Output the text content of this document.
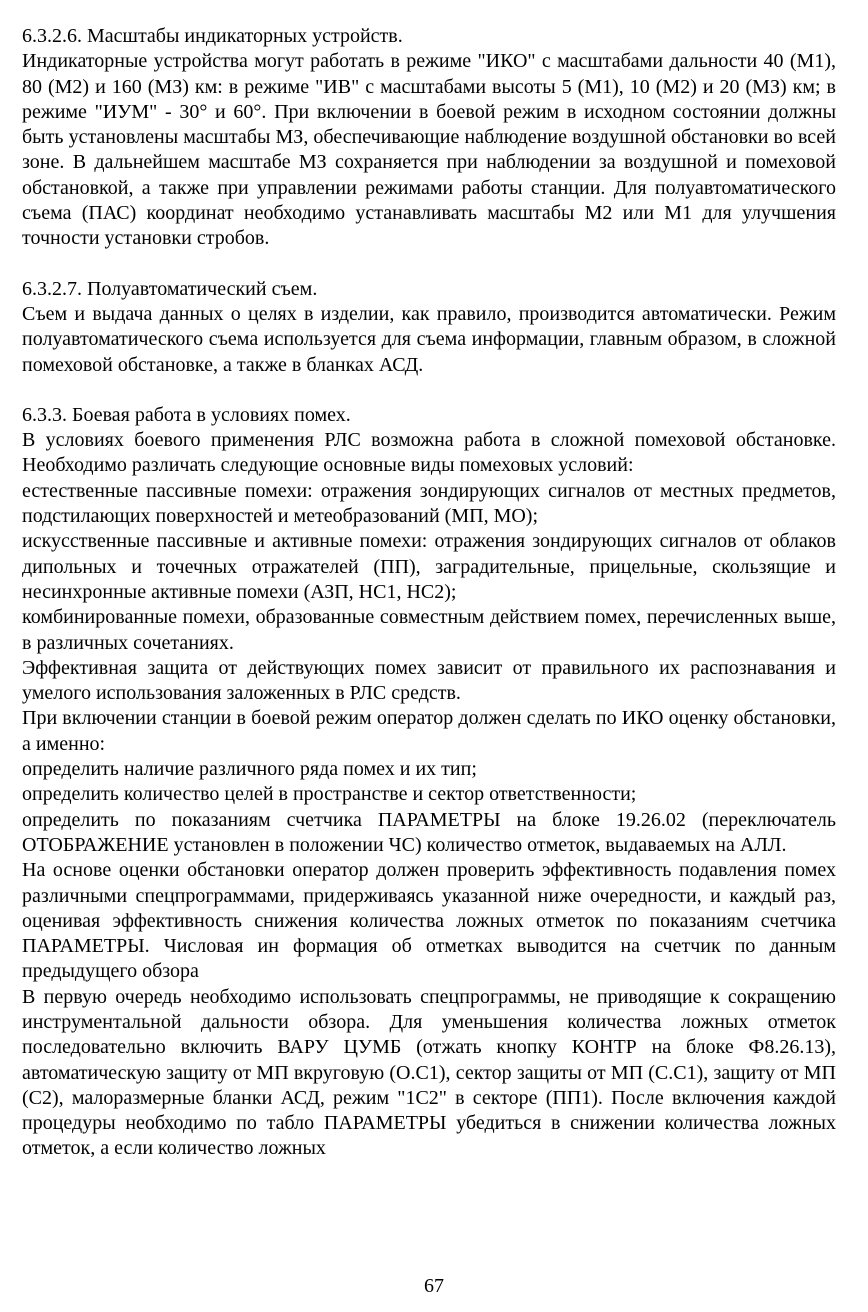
6.3.2.6. Масштабы индикаторных устройств.

Индикаторные устройства могут работать в режиме "ИКО" с масштабами дальности 40 (М1), 80 (М2) и 160 (МЗ) км: в режиме "ИВ" с масштабами высоты 5 (М1), 10 (М2) и 20 (МЗ) км; в режиме "ИУМ" - 30° и 60°. При включении в боевой режим в исходном состоянии должны быть установлены масштабы МЗ, обеспечивающие наблюдение воздушной обстановки во всей зоне. В дальнейшем масштабе МЗ сохраняется при наблюдении за воздушной и помеховой обстановкой, а также при управлении режимами работы станции. Для полуавтоматического съема (ПАС) координат необходимо устанавливать масштабы М2 или М1 для улучшения точности установки стробов.

6.3.2.7. Полуавтоматический съем.

Съем и выдача данных о целях в изделии, как правило, производится автоматически. Режим полуавтоматического съема используется для съема информации, главным образом, в сложной помеховой обстановке, а также в бланках АСД.

6.3.3. Боевая работа в условиях помех.

В условиях боевого применения РЛС возможна работа в сложной помеховой обстановке. Необходимо различать следующие основные виды помеховых условий:

естественные пассивные помехи: отражения зондирующих сигналов от местных предметов, подстилающих поверхностей и метеобразований (МП, МО);

искусственные пассивные и активные помехи: отражения зондирующих сигналов от облаков дипольных и точечных отражателей (ПП), заградительные, прицельные, скользящие и несинхронные активные помехи (АЗП, НС1, НС2);

комбинированные помехи, образованные совместным действием помех, перечисленных выше, в различных сочетаниях.

Эффективная защита от действующих помех зависит от правильного их распознавания и умелого использования заложенных в РЛС средств.

При включении станции в боевой режим оператор должен сделать по ИКО оценку обстановки, а именно:

определить наличие различного ряда помех и их тип;

определить количество целей в пространстве и сектор ответственности;

определить по показаниям счетчика ПАРАМЕТРЫ на блоке 19.26.02 (переключатель ОТОБРАЖЕНИЕ установлен в положении ЧС) количество отметок, выдаваемых на АЛЛ.

На основе оценки обстановки оператор должен проверить эффективность подавления помех различными спецпрограммами, придерживаясь указанной ниже очередности, и каждый раз, оценивая эффективность снижения количества ложных отметок по показаниям счетчика ПАРАМЕТРЫ. Числовая ин формация об отметках выводится на счетчик по данным предыдущего обзора

В первую очередь необходимо использовать спецпрограммы, не приводящие к сокращению инструментальной дальности обзора. Для уменьшения количества ложных отметок последовательно включить ВАРУ ЦУМБ (отжать кнопку КОНТР на блоке Ф8.26.13), автоматическую защиту от МП вкруговую (О.С1), сектор защиты от МП (С.С1), защиту от МП (С2), малоразмерные бланки АСД, режим "1С2" в секторе (ПП1). После включения каждой процедуры необходимо по табло ПАРАМЕТРЫ убедиться в снижении количества ложных отметок, а если количество ложных

67
